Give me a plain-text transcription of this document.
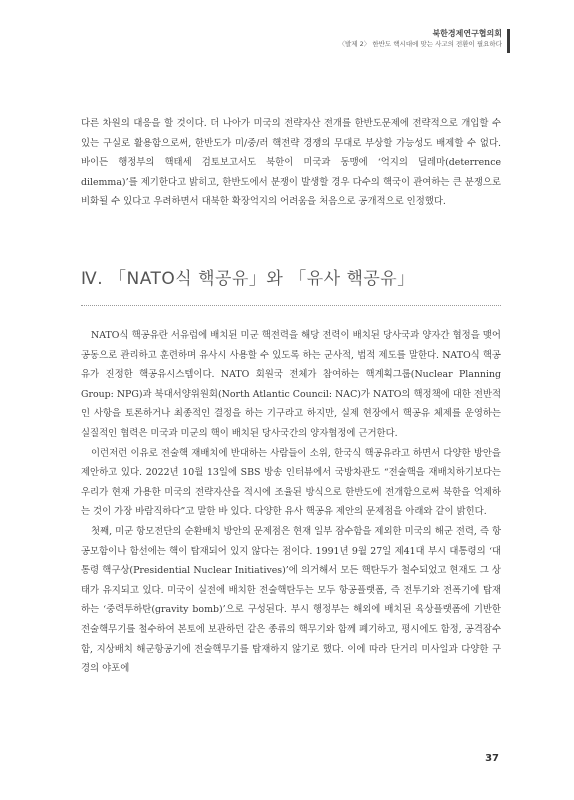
북한경제연구협의회
〈발제 2〉 한반도 핵시대에 맞는 사고의 전환이 필요하다

다른 차원의 대응을 할 것이다. 더 나아가 미국의 전략자산 전개를 한반도문제에 전략적으로 개입할 수 있는 구실로 활용함으로써, 한반도가 미/중/러 핵전략 경쟁의 무대로 부상할 가능성도 배제할 수 없다. 바이든 행정부의 핵태세 검토보고서도 북한이 미국과 동맹에 ‘억지의 딜레마(deterrence dilemma)’를 제기한다고 밝히고, 한반도에서 분쟁이 발생할 경우 다수의 핵국이 관여하는 큰 분쟁으로 비화될 수 있다고 우려하면서 대북한 확장억지의 어려움을 처음으로 공개적으로 인정했다.

Ⅳ. 「NATO식 핵공유」와 「유사 핵공유」

NATO식 핵공유란 서유럽에 배치된 미군 핵전력을 해당 전력이 배치된 당사국과 양자간 협정을 맺어 공동으로 관리하고 훈련하며 유사시 사용할 수 있도록 하는 군사적, 법적 제도를 말한다. NATO식 핵공유가 진정한 핵공유시스템이다. NATO 회원국 전체가 참여하는 핵계획그룹(Nuclear Planning Group: NPG)과 북대서양위원회(North Atlantic Council: NAC)가 NATO의 핵정책에 대한 전반적인 사항을 토론하거나 최종적인 결정을 하는 기구라고 하지만, 실제 현장에서 핵공유 체제를 운영하는 실질적인 협력은 미국과 미군의 핵이 배치된 당사국간의 양자협정에 근거한다.

이런저런 이유로 전술핵 재배치에 반대하는 사람들이 소위, 한국식 핵공유라고 하면서 다양한 방안을 제안하고 있다. 2022년 10월 13일에 SBS 방송 인터뷰에서 국방차관도 “전술핵을 재배치하기보다는 우리가 현재 가용한 미국의 전략자산을 적시에 조율된 방식으로 한반도에 전개함으로써 북한을 억제하는 것이 가장 바람직하다”고 말한 바 있다. 다양한 유사 핵공유 제안의 문제점을 아래와 같이 밝힌다.

첫째, 미군 항모전단의 순환배치 방안의 문제점은 현재 일부 잠수함을 제외한 미국의 해군 전력, 즉 항공모함이나 함선에는 핵이 탑재되어 있지 않다는 점이다. 1991년 9월 27일 제41대 부시 대통령의 ‘대통령 핵구상(Presidential Nuclear Initiatives)’에 의거해서 모든 핵탄두가 철수되었고 현재도 그 상태가 유지되고 있다. 미국이 실전에 배치한 전술핵탄두는 모두 항공플랫폼, 즉 전투기와 전폭기에 탑재하는 ‘중력투하탄(gravity bomb)’으로 구성된다. 부시 행정부는 해외에 배치된 육상플랫폼에 기반한 전술핵무기를 철수하여 본토에 보관하던 같은 종류의 핵무기와 함께 폐기하고, 평시에도 함정, 공격잠수함, 지상배치 해군항공기에 전술핵무기를 탑재하지 않기로 했다. 이에 따라 단거리 미사일과 다양한 구경의 야포에

37
